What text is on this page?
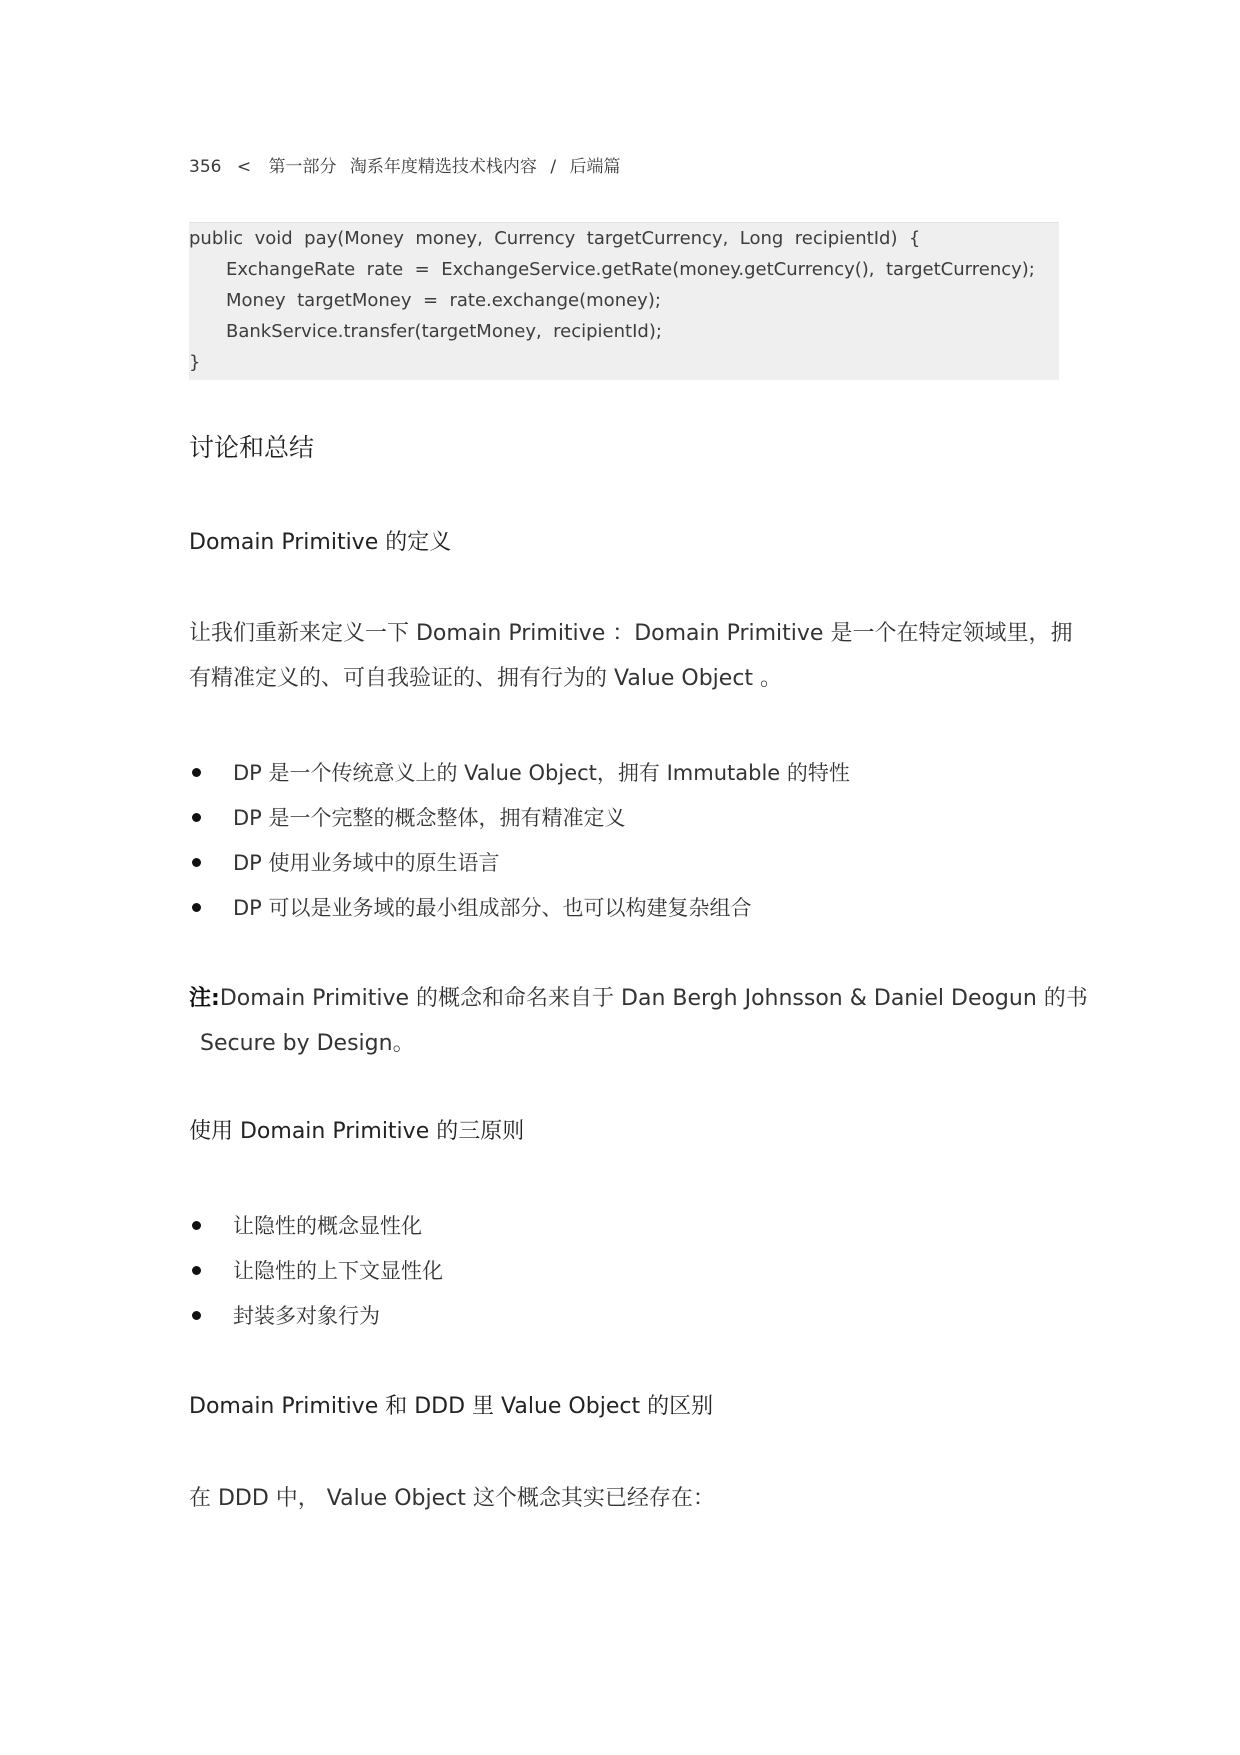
356 < 第一部分 淘系年度精选技术栈内容 / 后端篇
public  void  pay(Money  money,  Currency  targetCurrency,  Long  recipientId)  {
ExchangeRate  rate  =  ExchangeService.getRate(money.getCurrency(),  targetCurrency);
Money  targetMoney  =  rate.exchange(money);
BankService.transfer(targetMoney,  recipientId);
}
讨论和总结
Domain Primitive 的定义
让我们重新来定义一下 Domain Primitive ：Domain Primitive 是一个在特定领域里，拥
有精准定义的、可自我验证的、拥有行为的 Value Object 。
DP 是一个传统意义上的 Value Object，拥有 Immutable 的特性
DP 是一个完整的概念整体，拥有精准定义
DP 使用业务域中的原生语言
DP 可以是业务域的最小组成部分、也可以构建复杂组合
注:Domain Primitive 的概念和命名来自于 Dan Bergh Johnsson & Daniel Deogun 的书
Secure by Design。
使用 Domain Primitive 的三原则
让隐性的概念显性化
让隐性的上下文显性化
封装多对象行为
Domain Primitive 和 DDD 里 Value Object 的区别
在 DDD 中， Value Object 这个概念其实已经存在：
